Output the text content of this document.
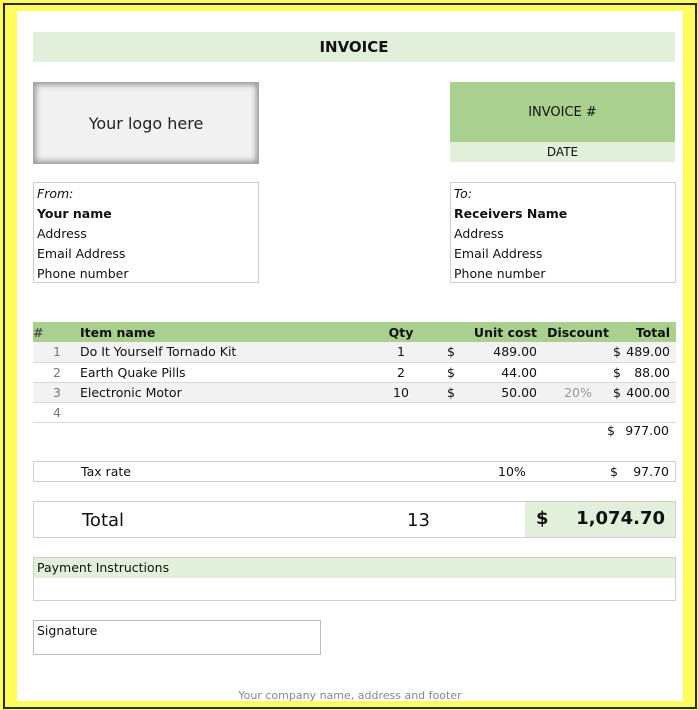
INVOICE
Your logo here
INVOICE #
DATE
From:
Your name
Address
Email Address
Phone number
To:
Receivers Name
Address
Email Address
Phone number
#	Item name	Qty	Unit cost	Discount	Total

1	Do It Yourself Tornado Kit	1	$ 489.00		$ 489.00

2	Earth Quake Pills	2	$ 44.00		$ 88.00

3	Electronic Motor	10	$ 50.00	20%	$ 400.00

4					
$ 977.00
Tax rate	10%	$ 97.70
Total	13	$ 1,074.70
Payment Instructions
Signature
Your company name, address and footer
